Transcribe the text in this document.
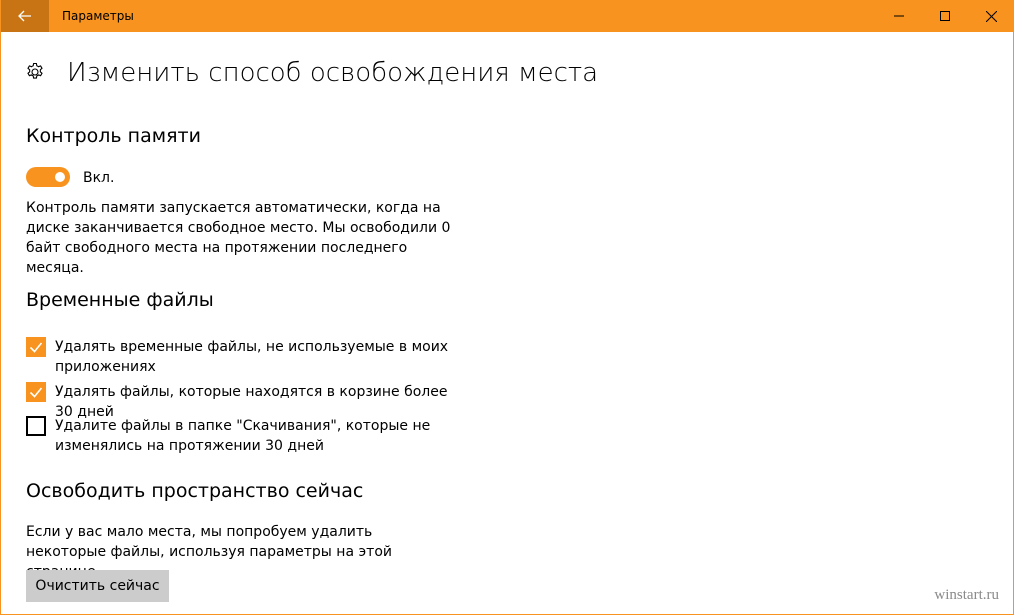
Параметры
Изменить способ освобождения места
Контроль памяти
Вкл.
Контроль памяти запускается автоматически, когда на диске заканчивается свободное место. Мы освободили 0 байт свободного места на протяжении последнего месяца.
Временные файлы
Удалять временные файлы, не используемые в моих приложениях
Удалять файлы, которые находятся в корзине более 30 дней
Удалите файлы в папке "Скачивания", которые не изменялись на протяжении 30 дней
Освободить пространство сейчас
Если у вас мало места, мы попробуем удалить некоторые файлы, используя параметры на этой
Очистить сейчас
winstart.ru
